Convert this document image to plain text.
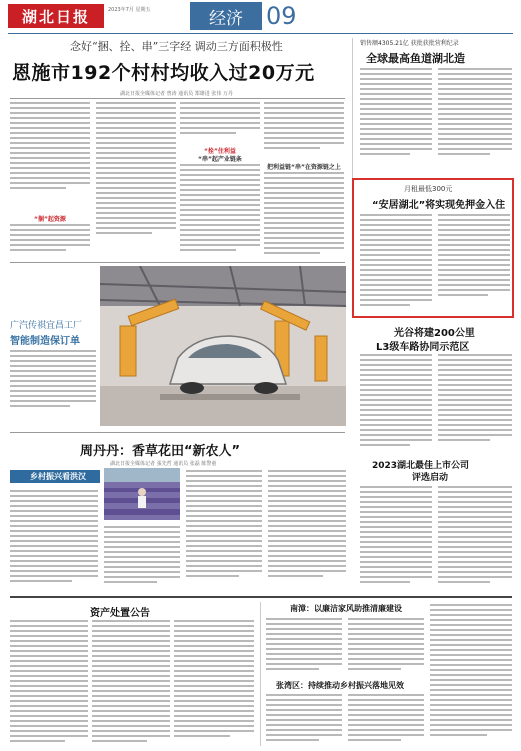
湖北日报	2023年7月 星期五	经济 09
念好“捆、拴、串”三字经 调动三方面积极性
恩施市192个村村均收入过20万元
湖北日报全媒体记者 曾涛 通讯员 郑雄进 张伟 万丹
“捆”起资源
“拴”住利益
“串”起产业链条
把利益链“串”在资源链之上
销售额4305.21亿 获批获批营利纪录
全球最高鱼道湖北造
月租最低300元
“安居湖北”将实现免押金入住
广汽传祺宜昌工厂
智能制造保订单
光谷将建200公里
L3级车路协同示范区
周丹丹：香草花田“新农人”
湖北日报全媒体记者 張先哲 通讯员 张磊 陈警童
乡村振兴看洪汉
2023湖北最佳上市公司
评选启动
资产处置公告	南漳：以廉洁家风助推清廉建设
张湾区：持续推动乡村振兴落地见效
